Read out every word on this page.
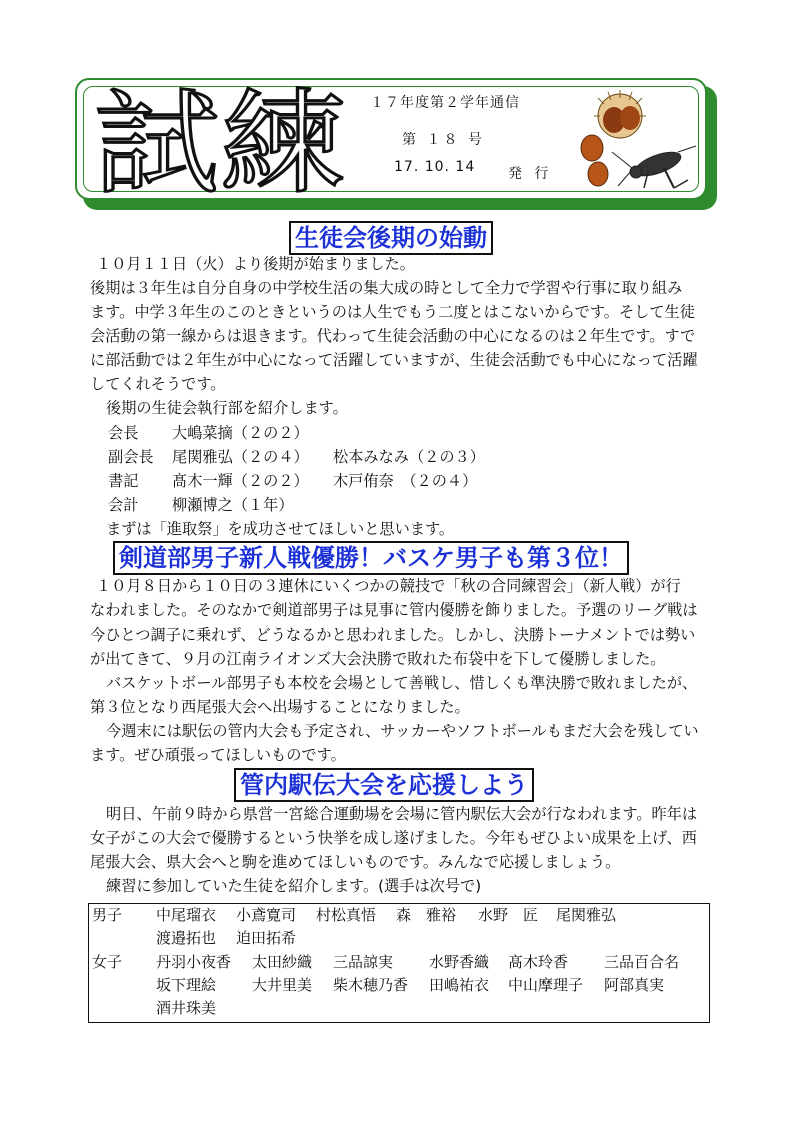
試練 １７年度第２学年通信
第 １８ 号
17. 10. 14 発 行
生徒会後期の始動
１０月１１日（火）より後期が始まりました。
後期は３年生は自分自身の中学校生活の集大成の時として全力で学習や行事に取り組み
ます。中学３年生のこのときというのは人生でもう二度とはこないからです。そして生徒
会活動の第一線からは退きます。代わって生徒会活動の中心になるのは２年生です。すで
に部活動では２年生が中心になって活躍していますが、生徒会活動でも中心になって活躍
してくれそうです。
後期の生徒会執行部を紹介します。
会長 大嶋菜摘（２の２）
副会長 尾関雅弘（２の４） 松本みなみ（２の３）
書記 髙木一輝（２の２） 木戸侑奈　（２の４）
会計 柳瀬博之（１年）
まずは「進取祭」を成功させてほしいと思います。
剣道部男子新人戦優勝！バスケ男子も第３位！
１０月８日から１０日の３連休にいくつかの競技で「秋の合同練習会」（新人戦）が行
なわれました。そのなかで剣道部男子は見事に管内優勝を飾りました。予選のリーグ戦は
今ひとつ調子に乗れず、どうなるかと思われました。しかし、決勝トーナメントでは勢い
が出てきて、９月の江南ライオンズ大会決勝で敗れた布袋中を下して優勝しました。
バスケットボール部男子も本校を会場として善戦し、惜しくも準決勝で敗れましたが、
第３位となり西尾張大会へ出場することになりました。
今週末には駅伝の管内大会も予定され、サッカーやソフトボールもまだ大会を残してい
ます。ぜひ頑張ってほしいものです。
管内駅伝大会を応援しよう
明日、午前９時から県営一宮総合運動場を会場に管内駅伝大会が行なわれます。昨年は
女子がこの大会で優勝するという快挙を成し遂げました。今年もぜひよい成果を上げ、西
尾張大会、県大会へと駒を進めてほしいものです。みんなで応援しましょう。
練習に参加していた生徒を紹介します。(選手は次号で)
男子 中尾瑠衣 小鳶寛司 村松真悟 森　雅裕 水野　匠 尾関雅弘
渡邉拓也 迫田拓希
女子 丹羽小夜香 太田紗織 三品諒実 水野香織 髙木玲香 三品百合名
坂下理絵 大井里美 柴木穂乃香 田嶋祐衣 中山摩理子 阿部真実
酒井珠美
